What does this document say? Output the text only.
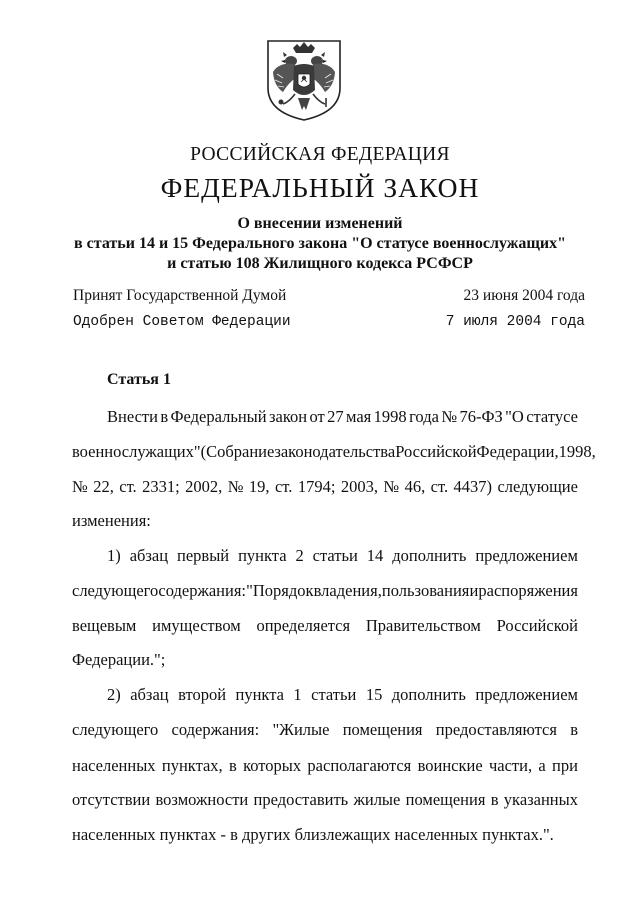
РОССИЙСКАЯ ФЕДЕРАЦИЯ
ФЕДЕРАЛЬНЫЙ ЗАКОН
О внесении изменений
в статьи 14 и 15 Федерального закона "О статусе военнослужащих"
и статью 108 Жилищного кодекса РСФСР
Принят Государственной Думой	23 июня 2004 года
Одобрен Советом Федерации	7 июля 2004 года
Статья 1
Внести в Федеральный закон от 27 мая 1998 года № 76-ФЗ "О статусе
военнослужащих" (Собрание законодательства Российской Федерации, 1998,
№ 22, ст. 2331; 2002, № 19, ст. 1794; 2003, № 46, ст. 4437) следующие
изменения:
1) абзац первый пункта 2 статьи 14 дополнить предложением
следующего содержания: "Порядок владения, пользования и распоряжения
вещевым имуществом определяется Правительством Российской
Федерации.";
2) абзац второй пункта 1 статьи 15 дополнить предложением
следующего содержания: "Жилые помещения предоставляются в
населенных пунктах, в которых располагаются воинские части, а при
отсутствии возможности предоставить жилые помещения в указанных
населенных пунктах - в других близлежащих населенных пунктах.".
